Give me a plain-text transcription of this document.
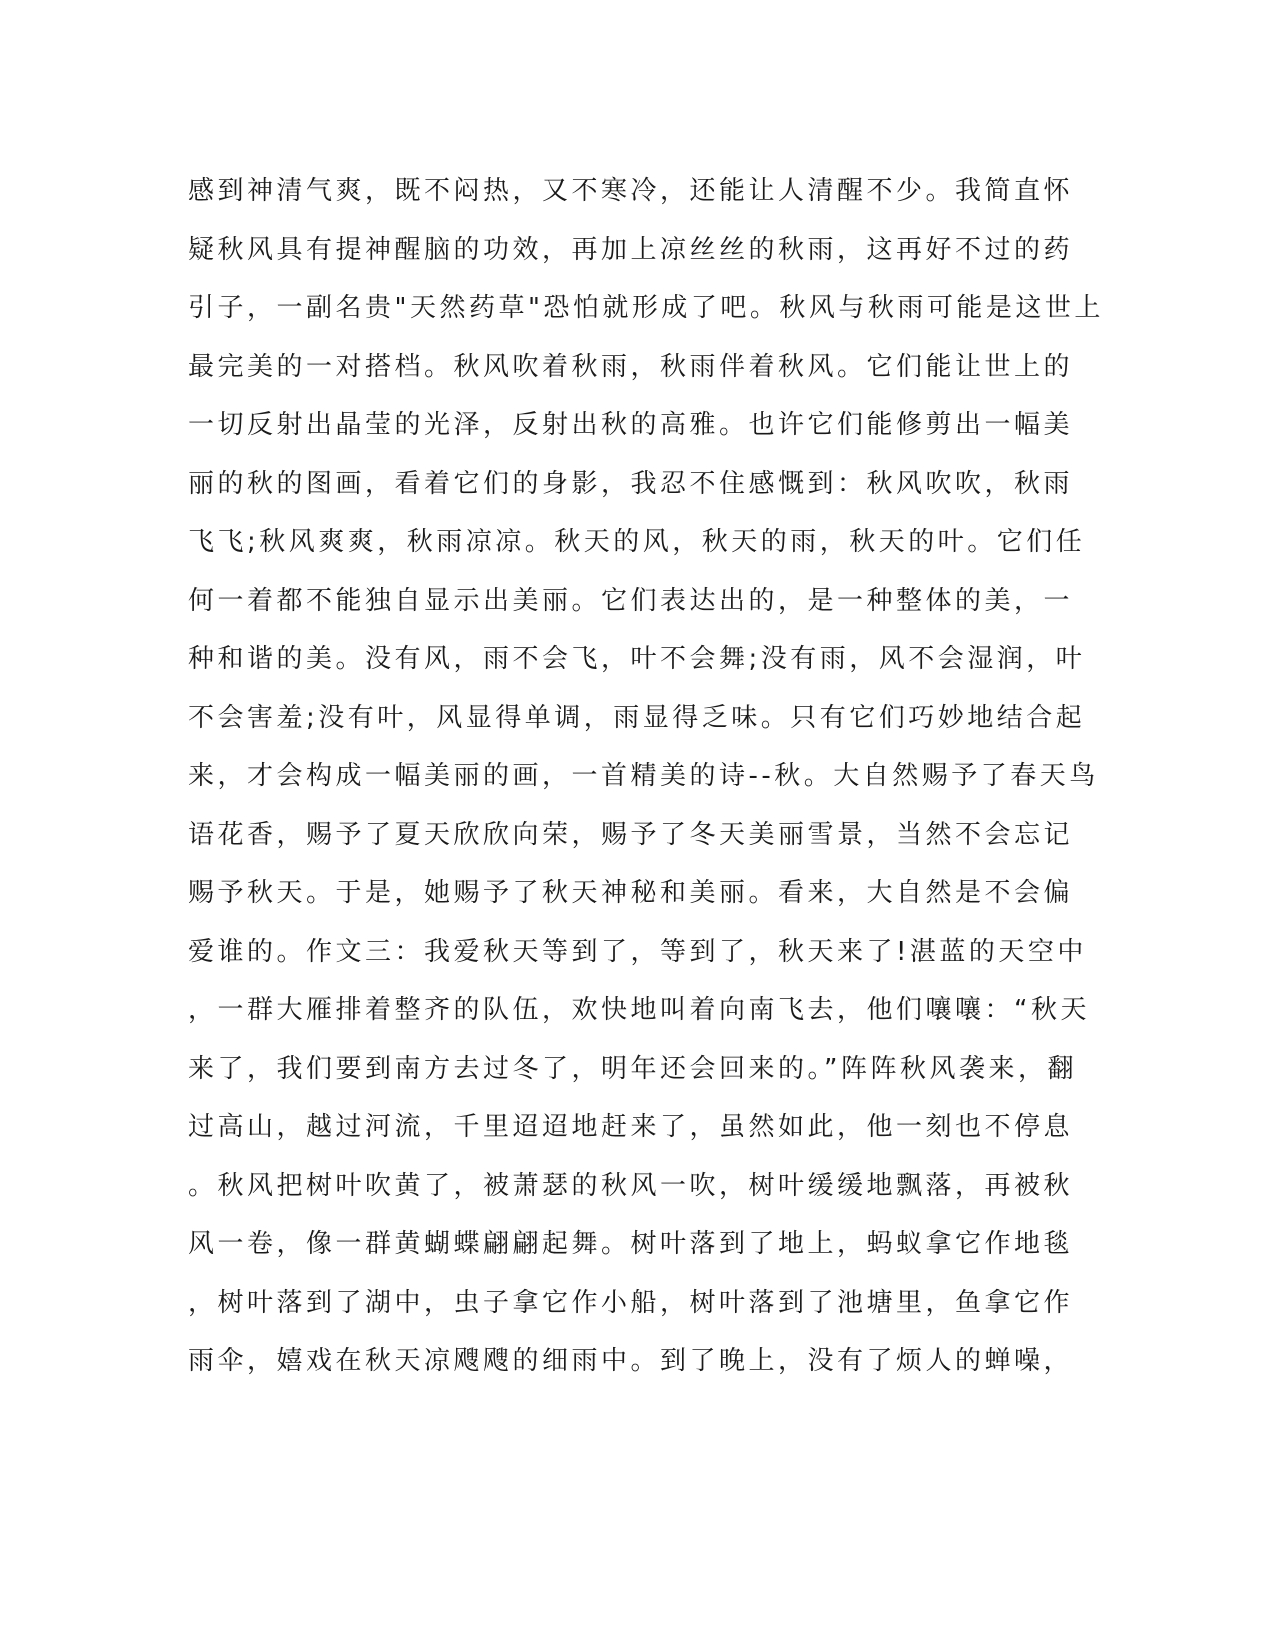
感到神清气爽，既不闷热，又不寒冷，还能让人清醒不少。我简直怀
疑秋风具有提神醒脑的功效，再加上凉丝丝的秋雨，这再好不过的药
引子，一副名贵"天然药草"恐怕就形成了吧。秋风与秋雨可能是这世上
最完美的一对搭档。秋风吹着秋雨，秋雨伴着秋风。它们能让世上的
一切反射出晶莹的光泽，反射出秋的高雅。也许它们能修剪出一幅美
丽的秋的图画，看着它们的身影，我忍不住感慨到：秋风吹吹，秋雨
飞飞;秋风爽爽，秋雨凉凉。秋天的风，秋天的雨，秋天的叶。它们任
何一着都不能独自显示出美丽。它们表达出的，是一种整体的美，一
种和谐的美。没有风，雨不会飞，叶不会舞;没有雨，风不会湿润，叶
不会害羞;没有叶，风显得单调，雨显得乏味。只有它们巧妙地结合起
来，才会构成一幅美丽的画，一首精美的诗--秋。大自然赐予了春天鸟
语花香，赐予了夏天欣欣向荣，赐予了冬天美丽雪景，当然不会忘记
赐予秋天。于是，她赐予了秋天神秘和美丽。看来，大自然是不会偏
爱谁的。作文三：我爱秋天等到了，等到了，秋天来了!湛蓝的天空中
，一群大雁排着整齐的队伍，欢快地叫着向南飞去，他们嚷嚷：“秋天
来了，我们要到南方去过冬了，明年还会回来的。”阵阵秋风袭来，翻
过高山，越过河流，千里迢迢地赶来了，虽然如此，他一刻也不停息
。秋风把树叶吹黄了，被萧瑟的秋风一吹，树叶缓缓地飘落，再被秋
风一卷，像一群黄蝴蝶翩翩起舞。树叶落到了地上，蚂蚁拿它作地毯
，树叶落到了湖中，虫子拿它作小船，树叶落到了池塘里，鱼拿它作
雨伞，嬉戏在秋天凉飕飕的细雨中。到了晚上，没有了烦人的蝉噪，
